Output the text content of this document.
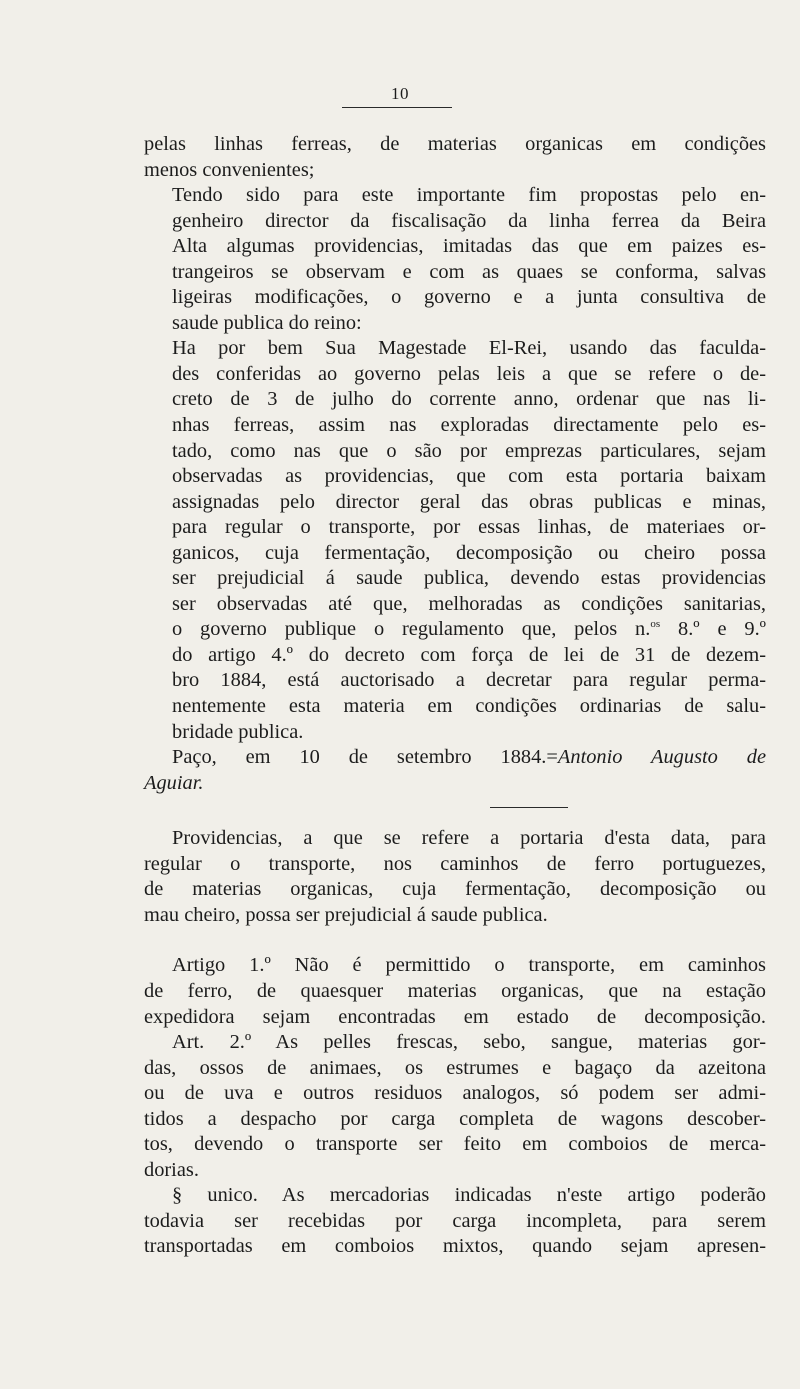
10

pelas linhas ferreas, de materias organicas em condições
menos convenientes;

Tendo sido para este importante fim propostas pelo en-
genheiro director da fiscalisação da linha ferrea da Beira
Alta algumas providencias, imitadas das que em paizes es-
trangeiros se observam e com as quaes se conforma, salvas
ligeiras modificações, o governo e a junta consultiva de
saude publica do reino:

Ha por bem Sua Magestade El-Rei, usando das faculda-
des conferidas ao governo pelas leis a que se refere o de-
creto de 3 de julho do corrente anno, ordenar que nas li-
nhas ferreas, assim nas exploradas directamente pelo es-
tado, como nas que o são por emprezas particulares, sejam
observadas as providencias, que com esta portaria baixam
assignadas pelo director geral das obras publicas e minas,
para regular o transporte, por essas linhas, de materiaes or-
ganicos, cuja fermentação, decomposição ou cheiro possa
ser prejudicial á saude publica, devendo estas providencias
ser observadas até que, melhoradas as condições sanitarias,
o governo publique o regulamento que, pelos n.$^{os}$ 8.º e 9.º
do artigo 4.º do decreto com força de lei de 31 de dezem-
bro 1884, está auctorisado a decretar para regular perma-
nentemente esta materia em condições ordinarias de salu-
bridade publica.

Paço, em 10 de setembro 1884.=Antonio Augusto de
Aguiar.

Providencias, a que se refere a portaria d'esta data, para
regular o transporte, nos caminhos de ferro portuguezes,
de materias organicas, cuja fermentação, decomposição ou
mau cheiro, possa ser prejudicial á saude publica.

Artigo 1.º Não é permittido o transporte, em caminhos
de ferro, de quaesquer materias organicas, que na estação
expedidora sejam encontradas em estado de decomposição.

Art. 2.º As pelles frescas, sebo, sangue, materias gor-
das, ossos de animaes, os estrumes e bagaço da azeitona
ou de uva e outros residuos analogos, só podem ser admi-
tidos a despacho por carga completa de wagons descober-
tos, devendo o transporte ser feito em comboios de merca-
dorias.

§ unico. As mercadorias indicadas n'este artigo poderão
todavia ser recebidas por carga incompleta, para serem
transportadas em comboios mixtos, quando sejam apresen-
